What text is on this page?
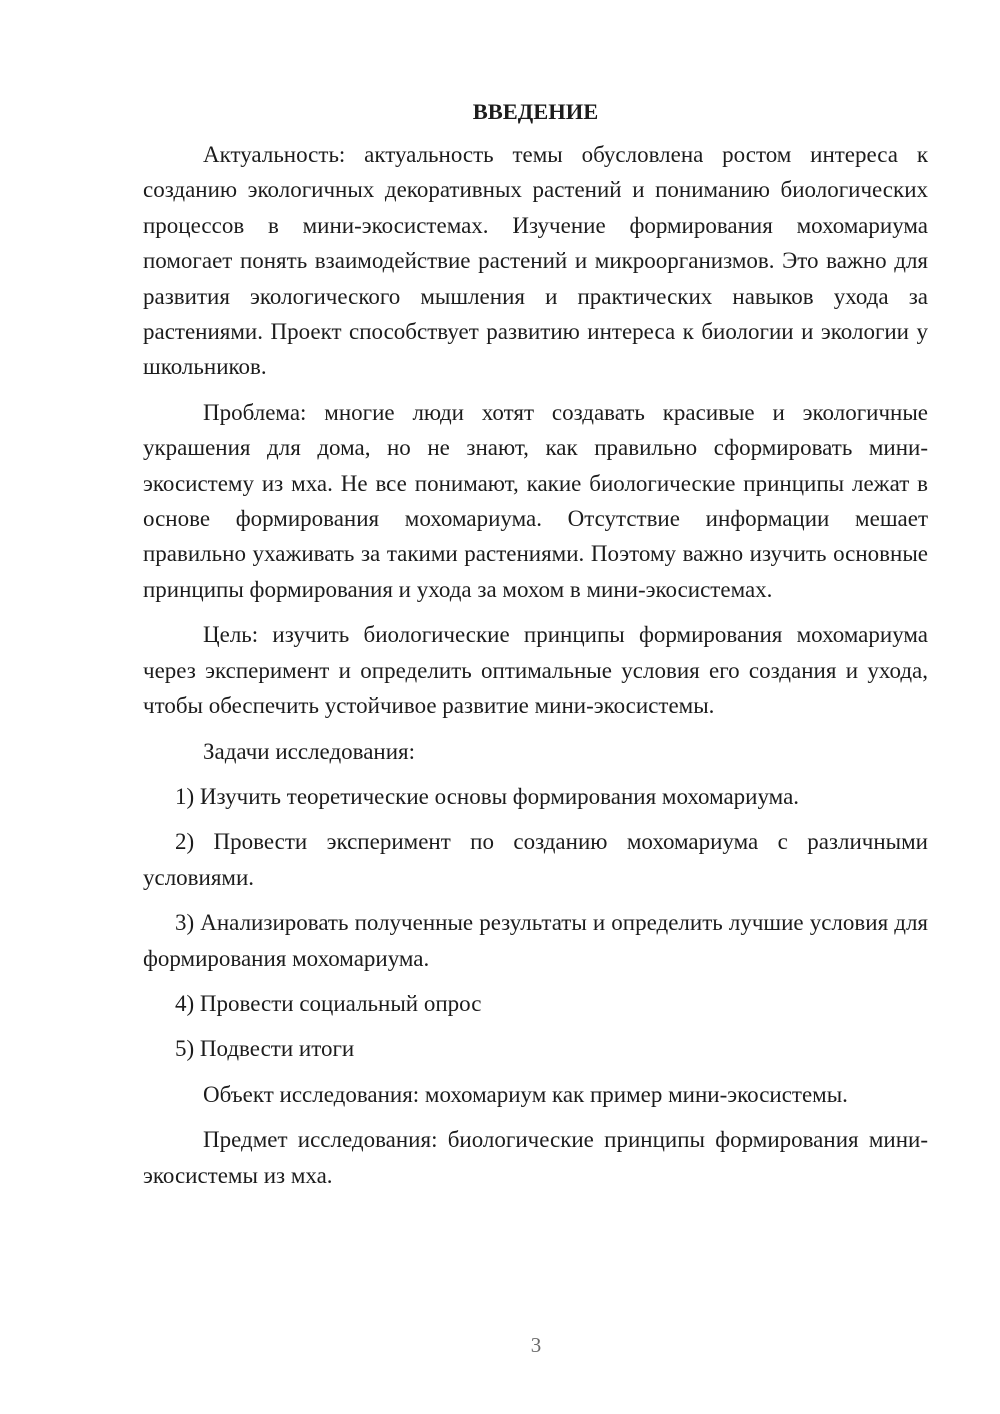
ВВЕДЕНИЕ

Актуальность: актуальность темы обусловлена ростом интереса к созданию экологичных декоративных растений и пониманию биологических процессов в мини-экосистемах. Изучение формирования мохомариума помогает понять взаимодействие растений и микроорганизмов. Это важно для развития экологического мышления и практических навыков ухода за растениями. Проект способствует развитию интереса к биологии и экологии у школьников.

Проблема: многие люди хотят создавать красивые и экологичные украшения для дома, но не знают, как правильно сформировать мини-экосистему из мха. Не все понимают, какие биологические принципы лежат в основе формирования мохомариума. Отсутствие информации мешает правильно ухаживать за такими растениями. Поэтому важно изучить основные принципы формирования и ухода за мохом в мини-экосистемах.

Цель: изучить биологические принципы формирования мохомариума через эксперимент и определить оптимальные условия его создания и ухода, чтобы обеспечить устойчивое развитие мини-экосистемы.

Задачи исследования:

1) Изучить теоретические основы формирования мохомариума.

2) Провести эксперимент по созданию мохомариума с различными условиями.

3) Анализировать полученные результаты и определить лучшие условия для формирования мохомариума.

4) Провести социальный опрос

5) Подвести итоги

Объект исследования: мохомариум как пример мини-экосистемы.

Предмет исследования: биологические принципы формирования мини-экосистемы из мха.

3
